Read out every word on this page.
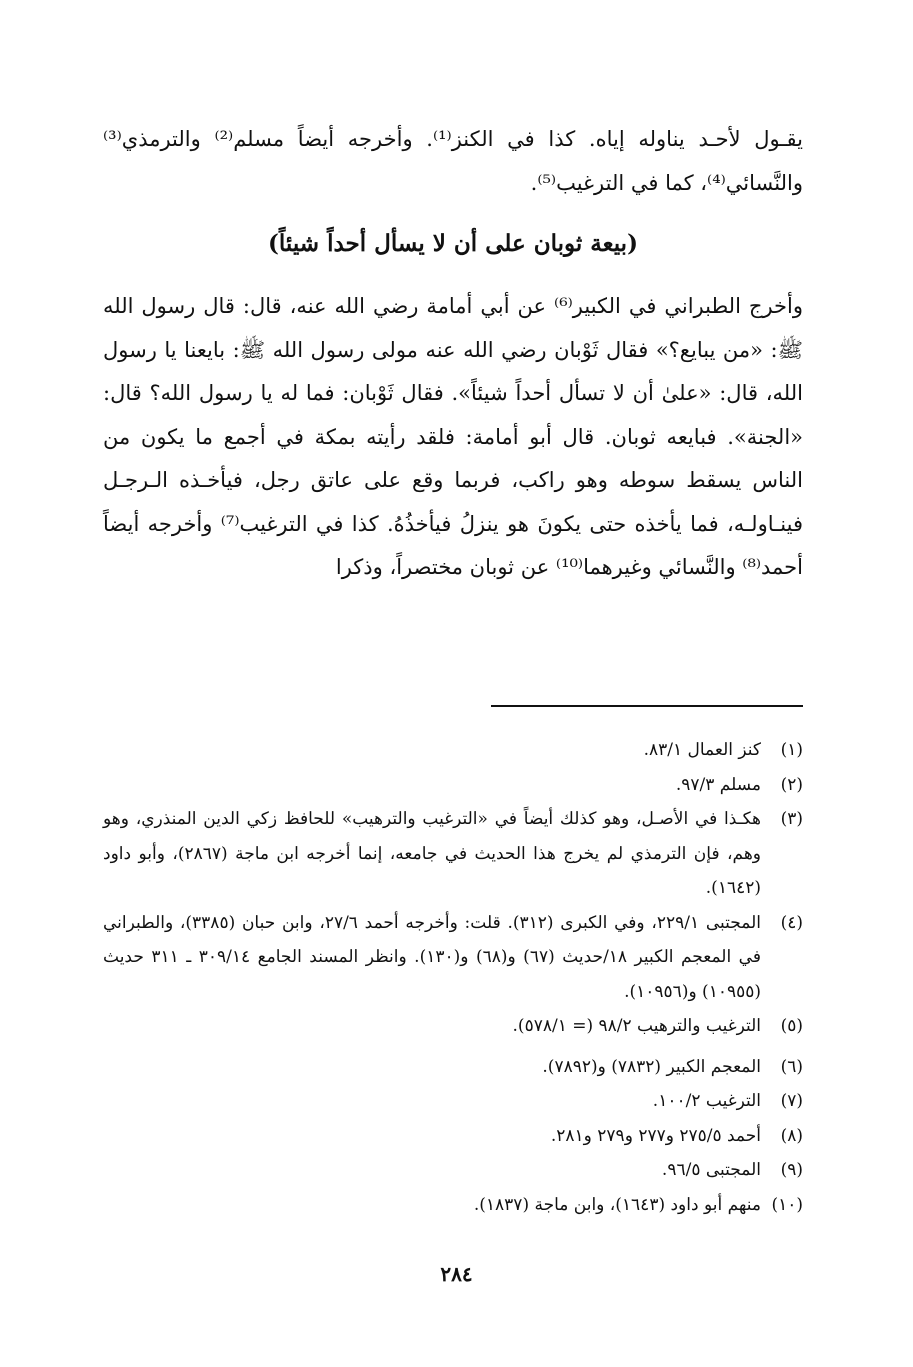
يقـول لأحـد يناوله إياه. كذا في الكنز⁽¹⁾. وأخرجه أيضاً مسلم⁽²⁾ والترمذي⁽³⁾ والنَّسائي⁽⁴⁾، كما في الترغيب⁽⁵⁾.
(بيعة ثوبان على أن لا يسأل أحداً شيئاً)
وأخرج الطبراني في الكبير⁽⁶⁾ عن أبي أمامة رضي الله عنه، قال: قال رسول الله ﷺ: «من يبايع؟» فقال ثَوْبان رضي الله عنه مولى رسول الله ﷺ: بايعنا يا رسول الله، قال: «علىٰ أن لا تسأل أحداً شيئاً». فقال ثَوْبان: فما له يا رسول الله؟ قال: «الجنة». فبايعه ثوبان. قال أبو أمامة: فلقد رأيته بمكة في أجمع ما يكون من الناس يسقط سوطه وهو راكب، فربما وقع على عاتق رجل، فيأخـذه الـرجـل فينـاولـه، فما يأخذه حتى يكونَ هو ينزلُ فيأخذُهُ. كذا في الترغيب⁽⁷⁾ وأخرجه أيضاً أحمد⁽⁸⁾ والنَّسائي وغيرهما⁽¹⁰⁾ عن ثوبان مختصراً، وذكرا
(١)
كنز العمال ٨٣/١.
(٢)
مسلم ٩٧/٣.
(٣)
هكـذا في الأصـل، وهو كذلك أيضاً في «الترغيب والترهيب» للحافظ زكي الدين المنذري، وهو وهم، فإن الترمذي لم يخرج هذا الحديث في جامعه، إنما أخرجه ابن ماجة (٢٨٦٧)، وأبو داود (١٦٤٢).
(٤)
المجتبى ٢٢٩/١، وفي الكبرى (٣١٢). قلت: وأخرجه أحمد ٢٧/٦، وابن حبان (٣٣٨٥)، والطبراني في المعجم الكبير ١٨/حديث (٦٧) و(٦٨) و(١٣٠). وانظر المسند الجامع ٣٠٩/١٤ ـ ٣١١ حديث (١٠٩٥٥) و(١٠٩٥٦).
(٥)
الترغيب والترهيب ٩٨/٢ (= ٥٧٨/١).
(٦)
المعجم الكبير (٧٨٣٢) و(٧٨٩٢).
(٧)
الترغيب ١٠٠/٢.
(٨)
أحمد ٢٧٥/٥ و٢٧٧ و٢٧٩ و٢٨١.
(٩)
المجتبى ٩٦/٥.
(١٠)
منهم أبو داود (١٦٤٣)، وابن ماجة (١٨٣٧).
٢٨٤
